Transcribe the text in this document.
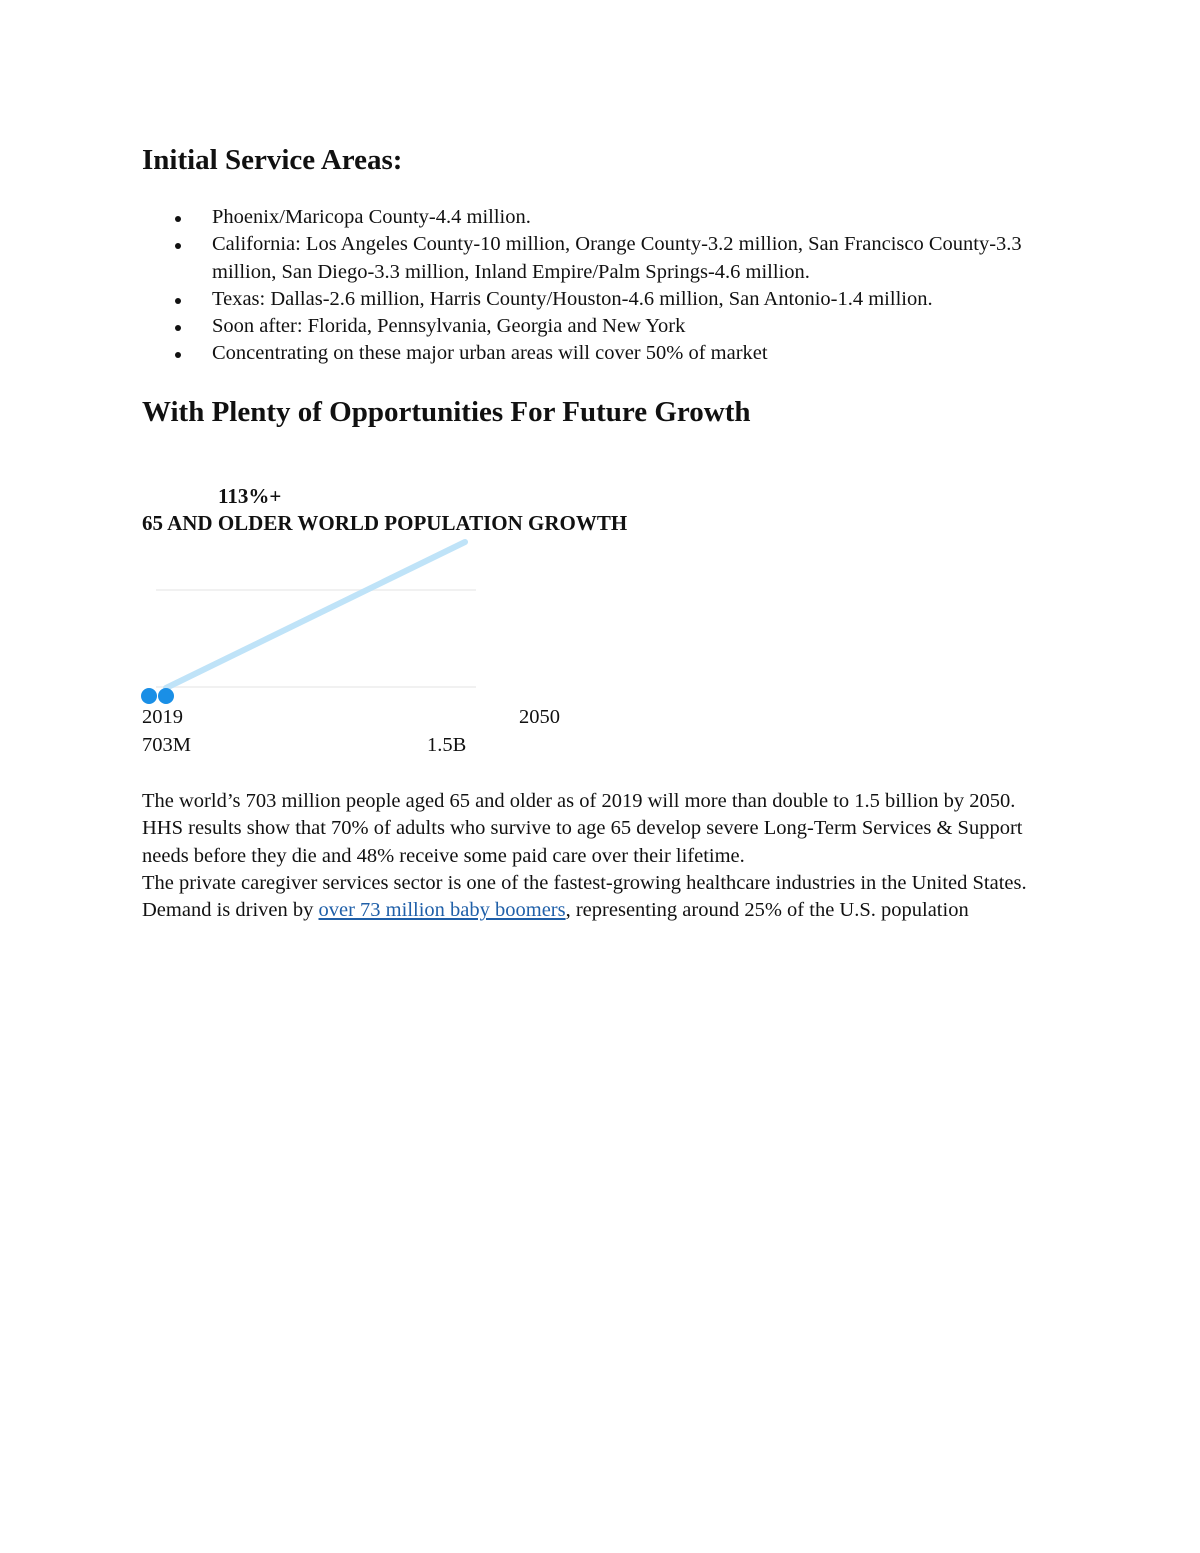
Initial Service Areas:
Phoenix/Maricopa County-4.4 million.
California: Los Angeles County-10 million, Orange County-3.2 million, San Francisco County-3.3 million, San Diego-3.3 million, Inland Empire/Palm Springs-4.6 million.
Texas: Dallas-2.6 million, Harris County/Houston-4.6 million, San Antonio-1.4 million.
Soon after: Florida, Pennsylvania, Georgia and New York
Concentrating on these major urban areas will cover 50% of market
With Plenty of Opportunities For Future Growth
113%+
65 AND OLDER WORLD POPULATION GROWTH
2019	2050
703M	1.5B

The world’s 703 million people aged 65 and older as of 2019 will more than double to 1.5 billion by 2050.

HHS results show that 70% of adults who survive to age 65 develop severe Long-Term Services & Support needs before they die and 48% receive some paid care over their lifetime.

The private caregiver services sector is one of the fastest-growing healthcare industries in the United States. Demand is driven by over 73 million baby boomers, representing around 25% of the U.S. population
